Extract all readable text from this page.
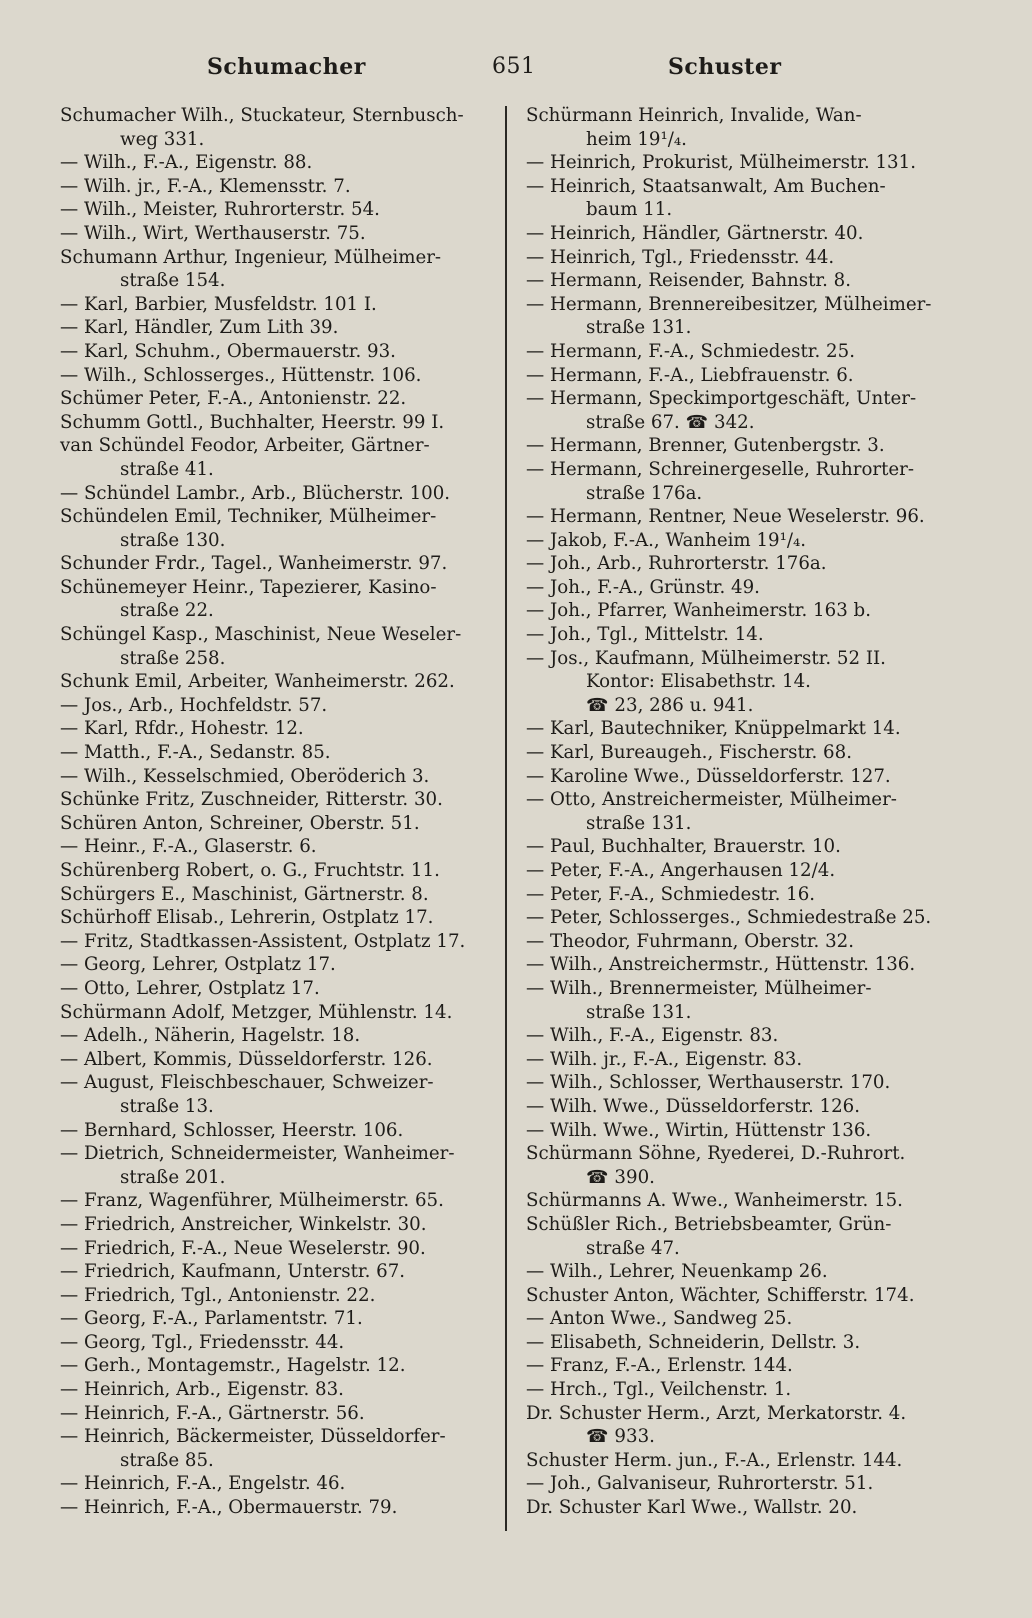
Schumacher	651	Schuster
Schumacher Wilh., Stuckateur, Sternbusch-
weg 331.
— Wilh., F.-A., Eigenstr. 88.
— Wilh. jr., F.-A., Klemensstr. 7.
— Wilh., Meister, Ruhrorterstr. 54.
— Wilh., Wirt, Werthauserstr. 75.
Schumann Arthur, Ingenieur, Mülheimer-
straße 154.
— Karl, Barbier, Musfeldstr. 101 I.
— Karl, Händler, Zum Lith 39.
— Karl, Schuhm., Obermauerstr. 93.
— Wilh., Schlosserges., Hüttenstr. 106.
Schümer Peter, F.-A., Antonienstr. 22.
Schumm Gottl., Buchhalter, Heerstr. 99 I.
van Schündel Feodor, Arbeiter, Gärtner-
straße 41.
— Schündel Lambr., Arb., Blücherstr. 100.
Schündelen Emil, Techniker, Mülheimer-
straße 130.
Schunder Frdr., Tagel., Wanheimerstr. 97.
Schünemeyer Heinr., Tapezierer, Kasino-
straße 22.
Schüngel Kasp., Maschinist, Neue Weseler-
straße 258.
Schunk Emil, Arbeiter, Wanheimerstr. 262.
— Jos., Arb., Hochfeldstr. 57.
— Karl, Rfdr., Hohestr. 12.
— Matth., F.-A., Sedanstr. 85.
— Wilh., Kesselschmied, Oberöderich 3.
Schünke Fritz, Zuschneider, Ritterstr. 30.
Schüren Anton, Schreiner, Oberstr. 51.
— Heinr., F.-A., Glaserstr. 6.
Schürenberg Robert, o. G., Fruchtstr. 11.
Schürgers E., Maschinist, Gärtnerstr. 8.
Schürhoff Elisab., Lehrerin, Ostplatz 17.
— Fritz, Stadtkassen-Assistent, Ostplatz 17.
— Georg, Lehrer, Ostplatz 17.
— Otto, Lehrer, Ostplatz 17.
Schürmann Adolf, Metzger, Mühlenstr. 14.
— Adelh., Näherin, Hagelstr. 18.
— Albert, Kommis, Düsseldorferstr. 126.
— August, Fleischbeschauer, Schweizer-
straße 13.
— Bernhard, Schlosser, Heerstr. 106.
— Dietrich, Schneidermeister, Wanheimer-
straße 201.
— Franz, Wagenführer, Mülheimerstr. 65.
— Friedrich, Anstreicher, Winkelstr. 30.
— Friedrich, F.-A., Neue Weselerstr. 90.
— Friedrich, Kaufmann, Unterstr. 67.
— Friedrich, Tgl., Antonienstr. 22.
— Georg, F.-A., Parlamentstr. 71.
— Georg, Tgl., Friedensstr. 44.
— Gerh., Montagemstr., Hagelstr. 12.
— Heinrich, Arb., Eigenstr. 83.
— Heinrich, F.-A., Gärtnerstr. 56.
— Heinrich, Bäckermeister, Düsseldorfer-
straße 85.
— Heinrich, F.-A., Engelstr. 46.
— Heinrich, F.-A., Obermauerstr. 79.
Schürmann Heinrich, Invalide, Wan-
heim 19¹/₄.
— Heinrich, Prokurist, Mülheimerstr. 131.
— Heinrich, Staatsanwalt, Am Buchen-
baum 11.
— Heinrich, Händler, Gärtnerstr. 40.
— Heinrich, Tgl., Friedensstr. 44.
— Hermann, Reisender, Bahnstr. 8.
— Hermann, Brennereibesitzer, Mülheimer-
straße 131.
— Hermann, F.-A., Schmiedestr. 25.
— Hermann, F.-A., Liebfrauenstr. 6.
— Hermann, Speckimportgeschäft, Unter-
straße 67. ☎ 342.
— Hermann, Brenner, Gutenbergstr. 3.
— Hermann, Schreinergeselle, Ruhrorter-
straße 176a.
— Hermann, Rentner, Neue Weselerstr. 96.
— Jakob, F.-A., Wanheim 19¹/₄.
— Joh., Arb., Ruhrorterstr. 176a.
— Joh., F.-A., Grünstr. 49.
— Joh., Pfarrer, Wanheimerstr. 163 b.
— Joh., Tgl., Mittelstr. 14.
— Jos., Kaufmann, Mülheimerstr. 52 II.
Kontor: Elisabethstr. 14.
☎ 23, 286 u. 941.
— Karl, Bautechniker, Knüppelmarkt 14.
— Karl, Bureaugeh., Fischerstr. 68.
— Karoline Wwe., Düsseldorferstr. 127.
— Otto, Anstreichermeister, Mülheimer-
straße 131.
— Paul, Buchhalter, Brauerstr. 10.
— Peter, F.-A., Angerhausen 12/4.
— Peter, F.-A., Schmiedestr. 16.
— Peter, Schlosserges., Schmiedestraße 25.
— Theodor, Fuhrmann, Oberstr. 32.
— Wilh., Anstreichermstr., Hüttenstr. 136.
— Wilh., Brennermeister, Mülheimer-
straße 131.
— Wilh., F.-A., Eigenstr. 83.
— Wilh. jr., F.-A., Eigenstr. 83.
— Wilh., Schlosser, Werthauserstr. 170.
— Wilh. Wwe., Düsseldorferstr. 126.
— Wilh. Wwe., Wirtin, Hüttenstr 136.
Schürmann Söhne, Ryederei, D.-Ruhrort.
☎ 390.
Schürmanns A. Wwe., Wanheimerstr. 15.
Schüßler Rich., Betriebsbeamter, Grün-
straße 47.
— Wilh., Lehrer, Neuenkamp 26.
Schuster Anton, Wächter, Schifferstr. 174.
— Anton Wwe., Sandweg 25.
— Elisabeth, Schneiderin, Dellstr. 3.
— Franz, F.-A., Erlenstr. 144.
— Hrch., Tgl., Veilchenstr. 1.
Dr. Schuster Herm., Arzt, Merkatorstr. 4.
☎ 933.
Schuster Herm. jun., F.-A., Erlenstr. 144.
— Joh., Galvaniseur, Ruhrorterstr. 51.
Dr. Schuster Karl Wwe., Wallstr. 20.
